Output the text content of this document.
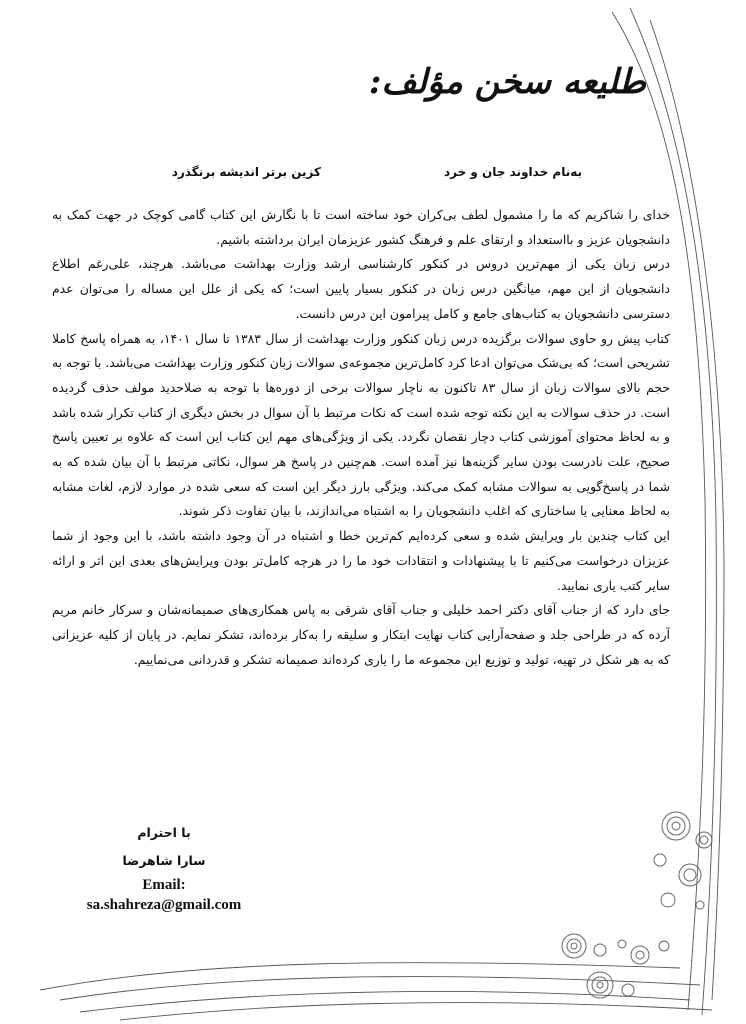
طلیعه سخن مؤلف:
به‌نام خداوند جان و خرد
کزین برتر اندیشه برنگذرد

خدای را شاکریم که ما را مشمول لطف بی‌کران خود ساخته است تا با نگارش این کتاب گامی کوچک در جهت کمک به دانشجویان عزیز و بااستعداد و ارتقای علم و فرهنگ کشور عزیزمان ایران برداشته باشیم.

درس زبان یکی از مهم‌ترین دروس در کنکور کارشناسی ارشد وزارت بهداشت می‌باشد. هرچند، علی‌رغم اطلاع دانشجویان از این مهم، میانگین درس زبان در کنکور بسیار پایین است؛ که یکی از علل این مساله را می‌توان عدم دسترسی دانشجویان به کتاب‌های جامع و کامل پیرامون این درس دانست.

کتاب پیش رو حاوی سوالات برگزیده درس زبان کنکور وزارت بهداشت از سال ۱۳۸۳ تا سال ۱۴۰۱، به همراه پاسخ کاملا تشریحی است؛ که بی‌شک می‌توان ادعا کرد کامل‌ترین مجموعه‌ی سوالات زبان کنکور وزارت بهداشت می‌باشد. با توجه به حجم بالای سوالات زبان از سال ۸۳ تاکنون به ناچار سوالات برخی از دوره‌ها با توجه به صلاحدید مولف حذف گردیده است. در حذف سوالات به این نکته توجه شده است که نکات مرتبط با آن سوال در بخش دیگری از کتاب تکرار شده باشد و به لحاظ محتوای آموزشی کتاب دچار نقصان نگردد. یکی از ویژگی‌های مهم این کتاب این است که علاوه بر تعیین پاسخ صحیح، علت نادرست بودن سایر گزینه‌ها نیز آمده است. هم‌چنین در پاسخ هر سوال، نکاتی مرتبط با آن بیان شده که به شما در پاسخ‌گویی به سوالات مشابه کمک می‌کند. ویژگی بارز دیگر این است که سعی شده در موارد لازم، لغات مشابه به لحاظ معنایی یا ساختاری که اغلب دانشجویان را به اشتباه می‌اندازند، با بیان تفاوت ذکر شوند.

این کتاب چندین بار ویرایش شده و سعی کرده‌ایم کم‌ترین خطا و اشتباه در آن وجود داشته باشد، با این وجود از شما عزیزان درخواست می‌کنیم تا با پیشنهادات و انتقادات خود ما را در هرچه کامل‌تر بودن ویرایش‌های بعدی این اثر و ارائه سایر کتب یاری نمایید.

جای دارد که از جناب آقای دکتر احمد خلیلی و جناب آقای شرقی به پاس همکاری‌های صمیمانه‌شان و سرکار خانم مریم آرده که در طراحی جلد و صفحه‌آرایی کتاب نهایت ابتکار و سلیقه را به‌کار برده‌اند، تشکر نمایم. در پایان از کلیه عزیزانی که به هر شکل در تهیه، تولید و توزیع این مجموعه ما را یاری کرده‌اند صمیمانه تشکر و قدردانی می‌نماییم.

با احترام
سارا شاهرضا
Email:
sa.shahreza@gmail.com
